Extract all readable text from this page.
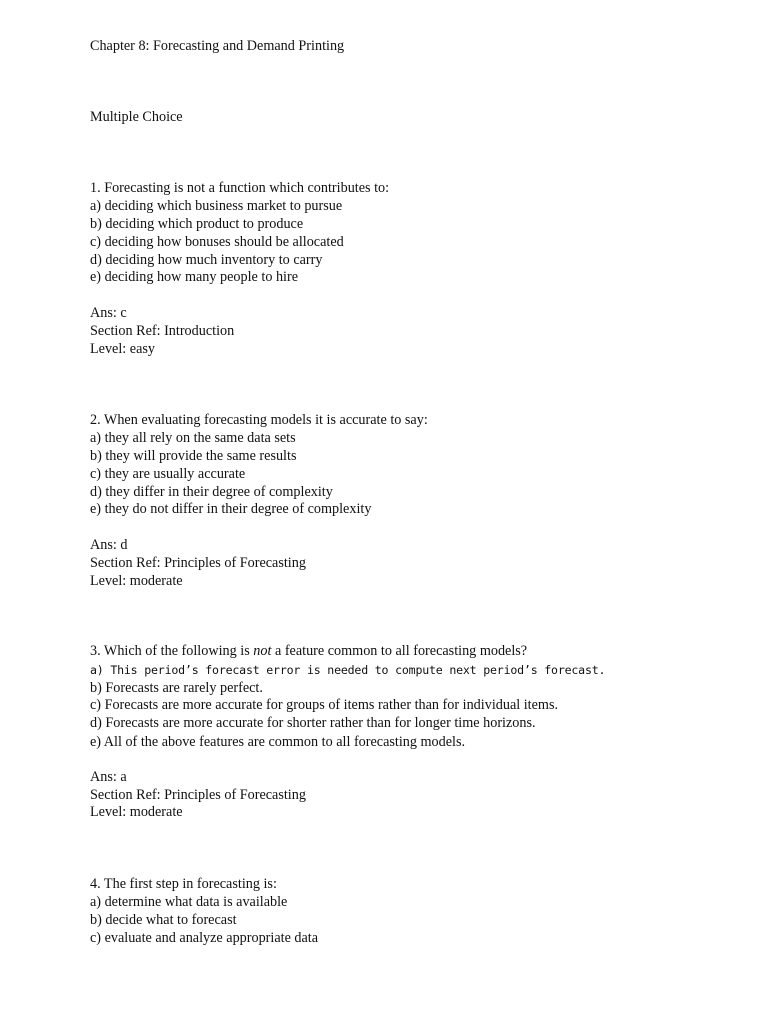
Chapter 8: Forecasting and Demand Printing
Multiple Choice
1. Forecasting is not a function which contributes to:
a) deciding which business market to pursue
b) deciding which product to produce
c) deciding how bonuses should be allocated
d) deciding how much inventory to carry
e) deciding how many people to hire
Ans: c
Section Ref: Introduction
Level: easy
2. When evaluating forecasting models it is accurate to say:
a) they all rely on the same data sets
b) they will provide the same results
c) they are usually accurate
d) they differ in their degree of complexity
e) they do not differ in their degree of complexity
Ans: d
Section Ref: Principles of Forecasting
Level: moderate
3. Which of the following is not a feature common to all forecasting models?
a) This period’s forecast error is needed to compute next period’s forecast.
b) Forecasts are rarely perfect.
c) Forecasts are more accurate for groups of items rather than for individual items.
d) Forecasts are more accurate for shorter rather than for longer time horizons.
e) All of the above features are common to all forecasting models.
Ans: a
Section Ref: Principles of Forecasting
Level: moderate
4. The first step in forecasting is:
a) determine what data is available
b) decide what to forecast
c) evaluate and analyze appropriate data
